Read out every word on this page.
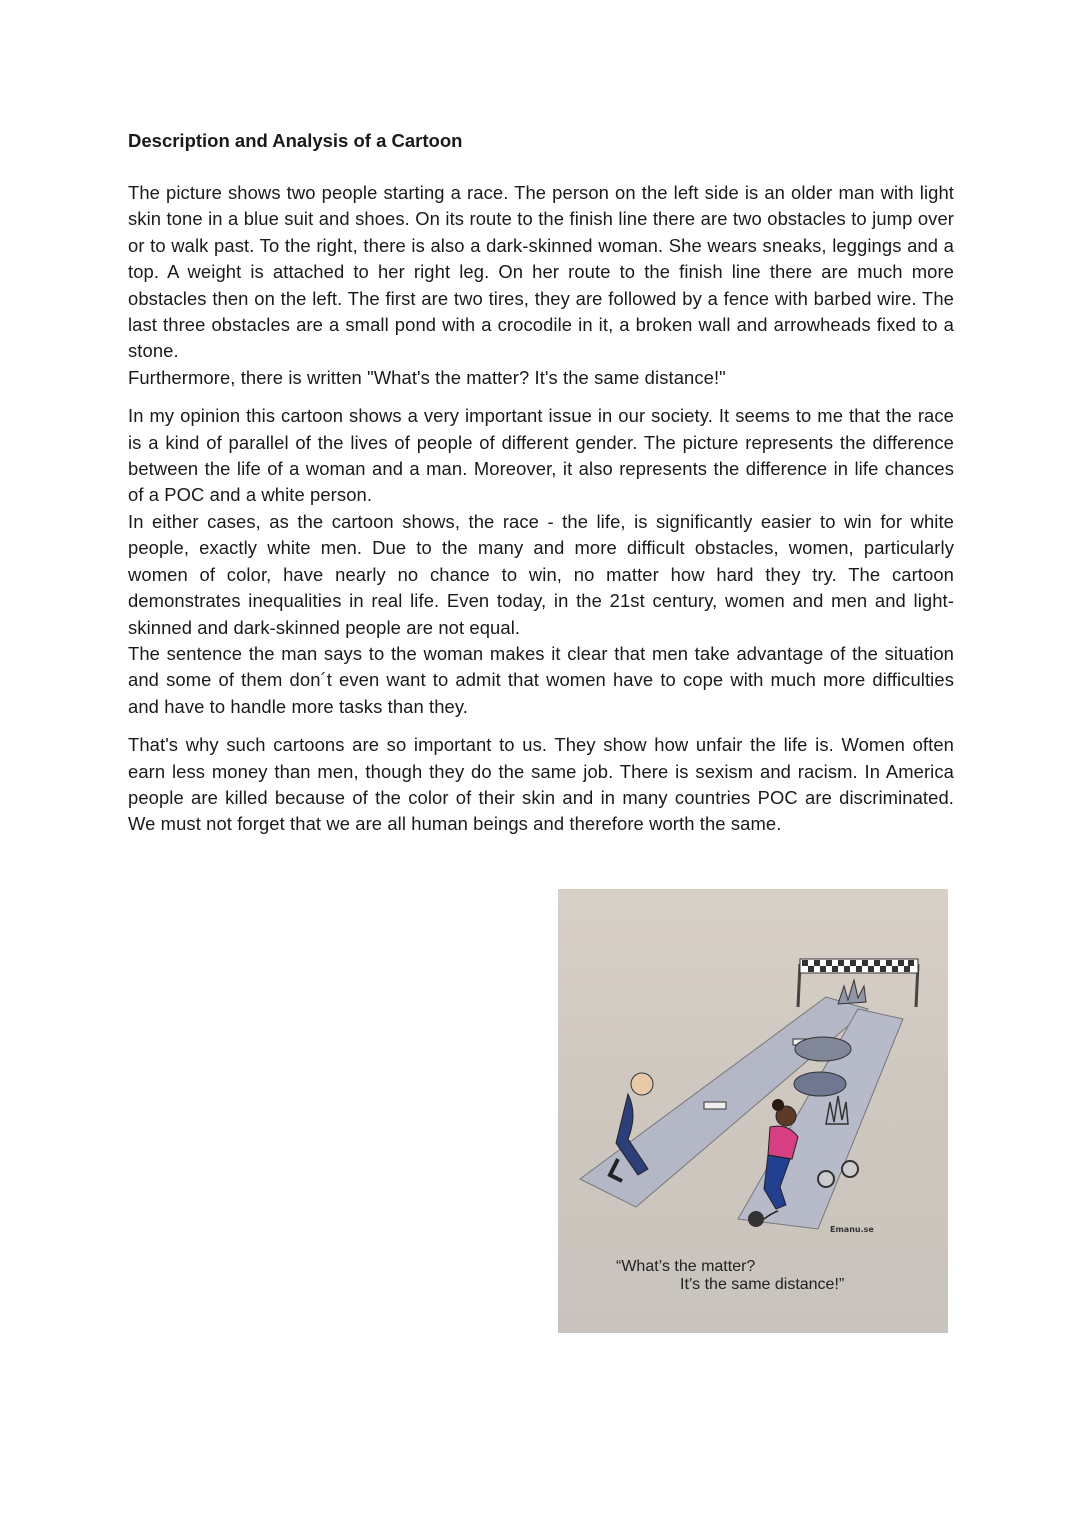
Description and Analysis of a Cartoon

The picture shows two people starting a race. The person on the left side is an older man with light skin tone in a blue suit and shoes. On its route to the finish line there are two obstacles to jump over or to walk past. To the right, there is also a dark-skinned woman. She wears sneaks, leggings and a top. A weight is attached to her right leg. On her route to the finish line there are much more obstacles then on the left. The first are two tires, they are followed by a fence with barbed wire. The last three obstacles are a small pond with a crocodile in it, a broken wall and arrowheads fixed to a stone.

Furthermore, there is written "What's the matter? It's the same distance!"

In my opinion this cartoon shows a very important issue in our society. It seems to me that the race is a kind of parallel of the lives of people of different gender. The picture represents the difference between the life of a woman and a man. Moreover, it also represents the difference in life chances of a POC and a white person.

In either cases, as the cartoon shows, the race - the life, is significantly easier to win for white people, exactly white men. Due to the many and more difficult obstacles, women, particularly women of color, have nearly no chance to win, no matter how hard they try. The cartoon demonstrates inequalities in real life. Even today, in the 21st century, women and men and light-skinned and dark-skinned people are not equal.

The sentence the man says to the woman makes it clear that men take advantage of the situation and some of them don´t even want to admit that women have to cope with much more difficulties and have to handle more tasks than they.

That's why such cartoons are so important to us. They show how unfair the life is. Women often earn less money than men, though they do the same job. There is sexism and racism. In America people are killed because of the color of their skin and in many countries POC are discriminated. We must not forget that we are all human beings and therefore worth the same.

Emanu.se
“What’s the matter?
It’s the same distance!”
